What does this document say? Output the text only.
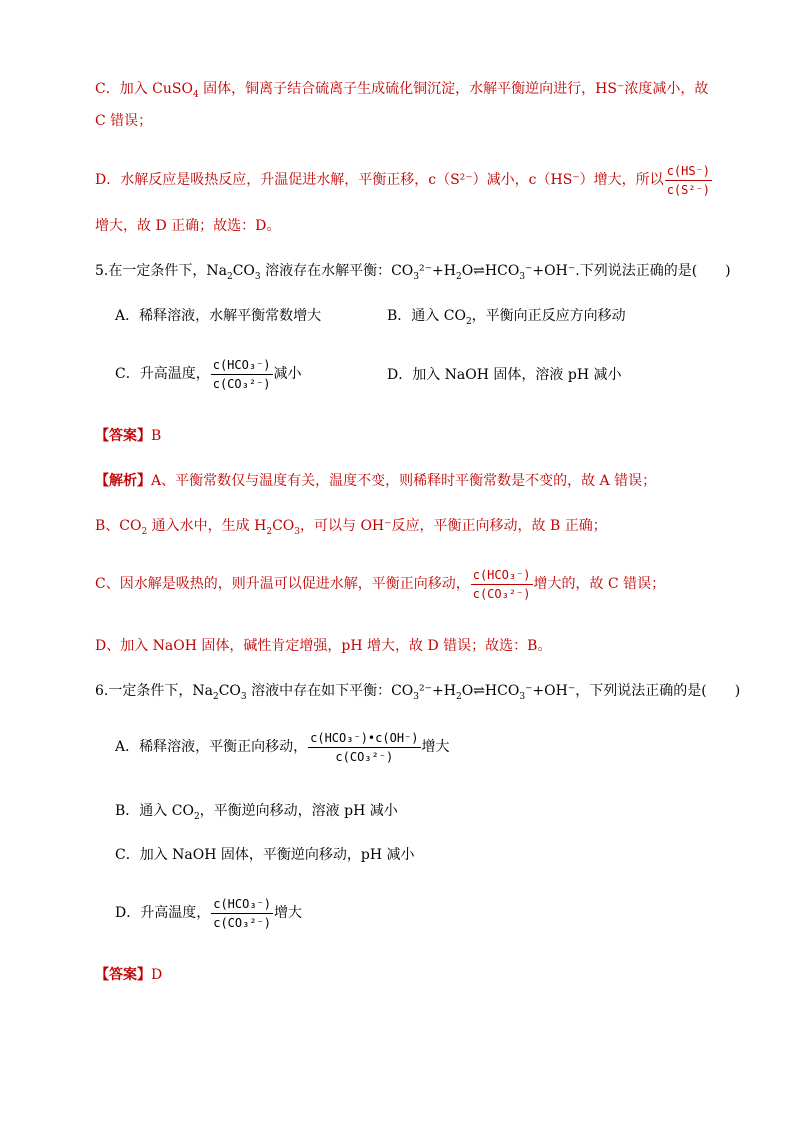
C．加入 CuSO$_4$ 固体，铜离子结合硫离子生成硫化铜沉淀，水解平衡逆向进行，HS⁻浓度减小，故
C 错误；
D．水解反应是吸热反应，升温促进水解，平衡正移，c（S²⁻）减小，c（HS⁻）增大，所以 $\frac{c(HS^-)}{\text{c(S²⁻)}}$
增大，故 D 正确；故选：D。
5.在一定条件下，$Na_2CO_3$ 溶液存在水解平衡：$CO_3^{2-}+H_2O\rightleftharpoons HCO_3^-+OH^-$.下列说法正确的是(　　)
A．稀释溶液，水解平衡常数增大	B．通入 $CO_2$，平衡向正反应方向移动
C．升高温度， $\frac{\text{c(HCO₃⁻)}}{\text{c(CO₃²⁻)}}$ 减小	D．加入 NaOH 固体，溶液 pH 减小
【答案】B
【解析】A、平衡常数仅与温度有关，温度不变，则稀释时平衡常数是不变的，故 A 错误；
B、$CO_2$ 通入水中，生成 $H_2CO_3$，可以与 OH⁻反应，平衡正向移动，故 B 正确；
C、因水解是吸热的，则升温可以促进水解，平衡正向移动， $\frac{\text{c(HCO₃⁻)}}{\text{c(CO₃²⁻)}}$ 增大的，故 C 错误；
D、加入 NaOH 固体，碱性肯定增强，pH 增大，故 D 错误；故选：B。
6.一定条件下，$Na_2CO_3$ 溶液中存在如下平衡：$CO_3^{2-}+H_2O\rightleftharpoons HCO_3^-+OH^-$，下列说法正确的是(　　)
A．稀释溶液，平衡正向移动， $\frac{\text{c(HCO₃⁻)•c(OH⁻)}}{\text{c(CO₃²⁻)}}$ 增大
B．通入 $CO_2$，平衡逆向移动，溶液 pH 减小
C．加入 NaOH 固体，平衡逆向移动，pH 减小
D．升高温度， $\frac{\text{c(HCO₃⁻)}}{\text{c(CO₃²⁻)}}$ 增大
【答案】D
